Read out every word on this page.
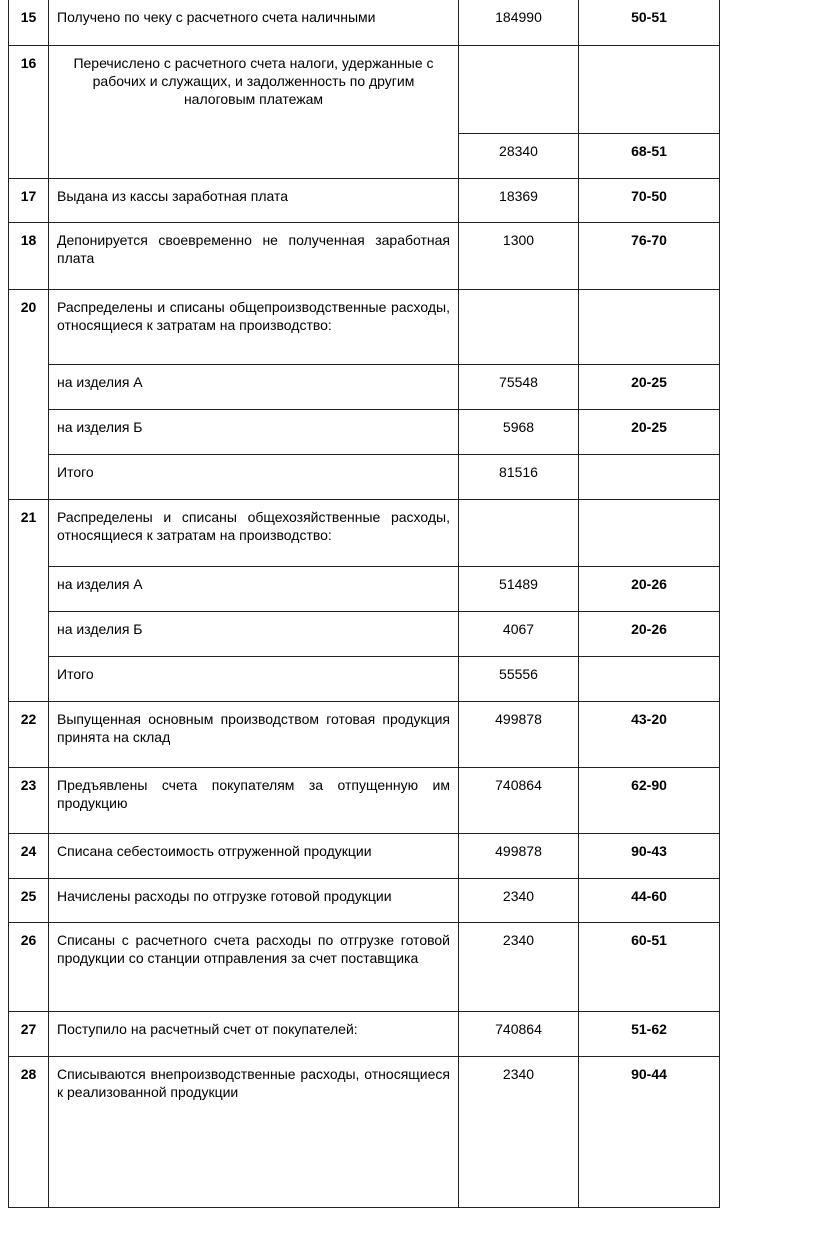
15	Получено по чеку с расчетного счета наличными	184990	50-51
16	Перечислено с расчетного счета налоги, удержанные с рабочих и служащих, и задолженность по другим налоговым платежам		
		28340	68-51
17	Выдана из кассы заработная плата	18369	70-50
18	Депонируется своевременно не полученная заработная плата	1300	76-70
20	Распределены и списаны общепроизводственные расходы, относящиеся к затратам на производство:		
	на изделия А	75548	20-25
	на изделия Б	5968	20-25
	Итого	81516	
21	Распределены и списаны общехозяйственные расходы, относящиеся к затратам на производство:		
	на изделия А	51489	20-26
	на изделия Б	4067	20-26
	Итого	55556	
22	Выпущенная основным производством готовая продукция принята на склад	499878	43-20
23	Предъявлены счета покупателям за отпущенную им продукцию	740864	62-90
24	Списана себестоимость отгруженной продукции	499878	90-43
25	Начислены расходы по отгрузке готовой продукции	2340	44-60
26	Списаны с расчетного счета расходы по отгрузке готовой продукции со станции отправления за счет поставщика	2340	60-51
27	Поступило на расчетный счет от покупателей:	740864	51-62
28	Списываются внепроизводственные расходы, относящиеся к реализованной продукции	2340	90-44
